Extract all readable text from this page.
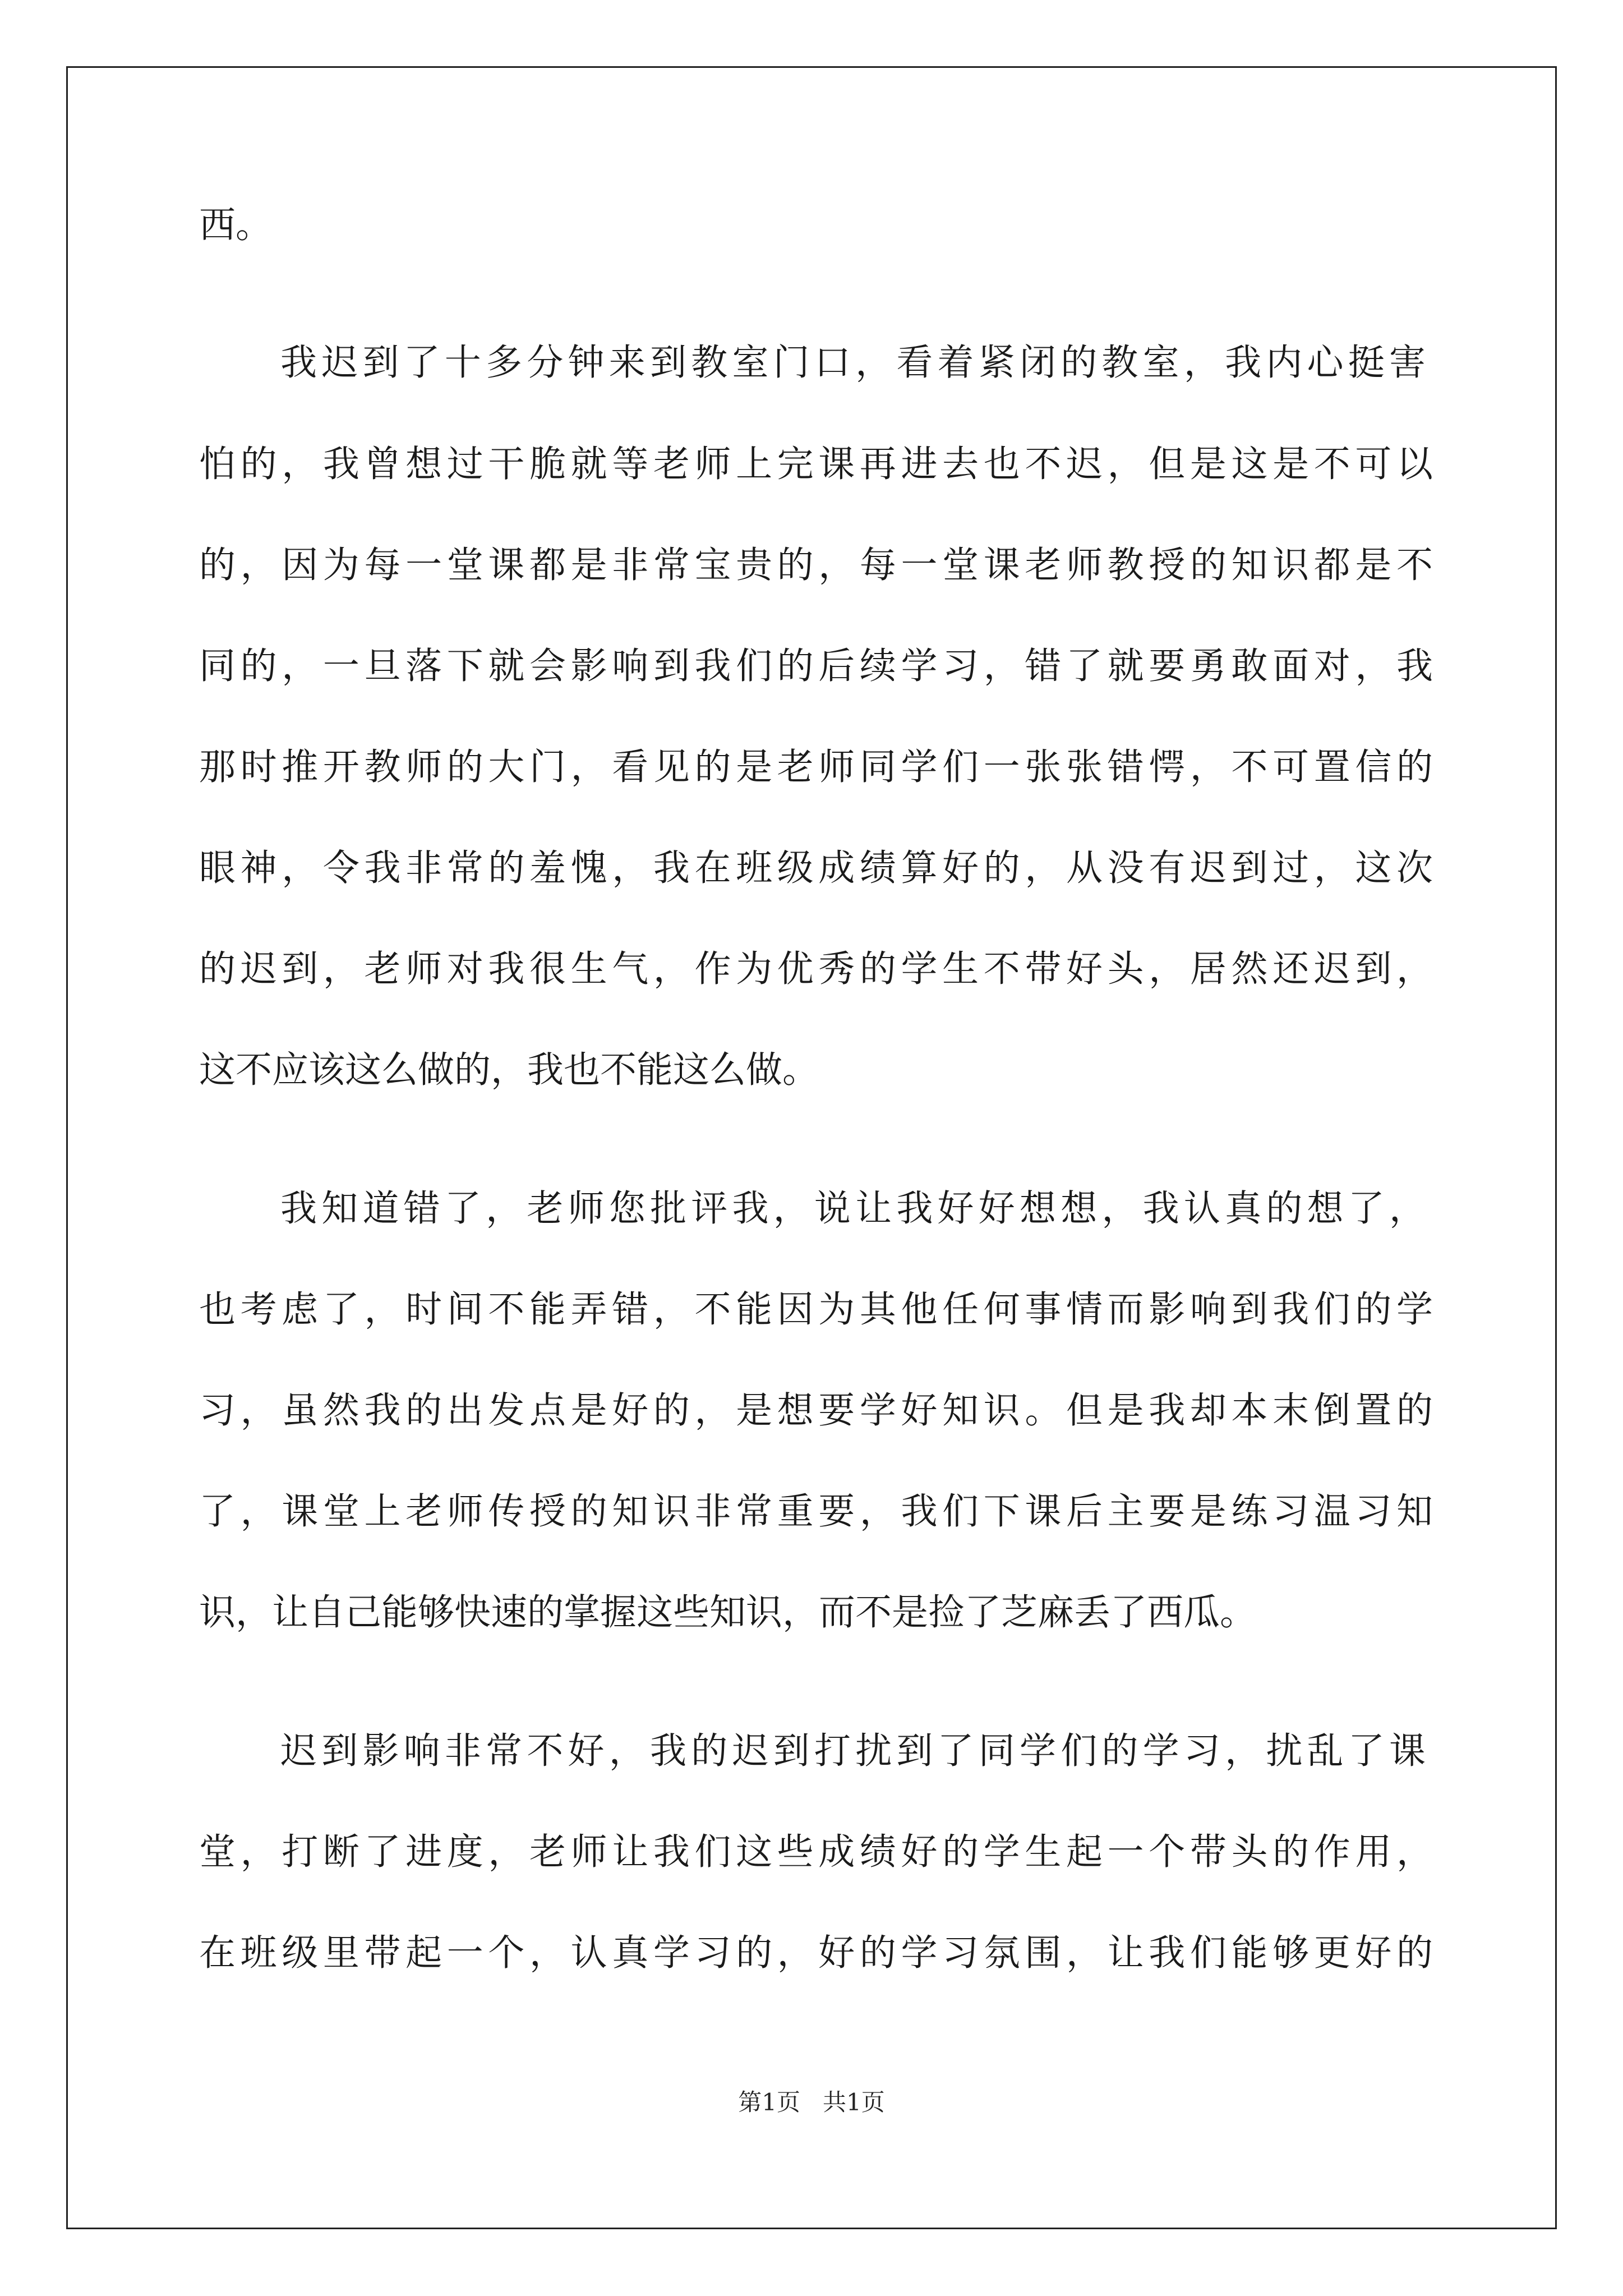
西。
我迟到了十多分钟来到教室门口，看着紧闭的教室，我内心挺害
怕的，我曾想过干脆就等老师上完课再进去也不迟，但是这是不可以
的，因为每一堂课都是非常宝贵的，每一堂课老师教授的知识都是不
同的，一旦落下就会影响到我们的后续学习，错了就要勇敢面对，我
那时推开教师的大门，看见的是老师同学们一张张错愕，不可置信的
眼神，令我非常的羞愧，我在班级成绩算好的，从没有迟到过，这次
的迟到，老师对我很生气，作为优秀的学生不带好头，居然还迟到，
这不应该这么做的，我也不能这么做。
我知道错了，老师您批评我，说让我好好想想，我认真的想了，
也考虑了，时间不能弄错，不能因为其他任何事情而影响到我们的学
习，虽然我的出发点是好的，是想要学好知识。但是我却本末倒置的
了，课堂上老师传授的知识非常重要，我们下课后主要是练习温习知
识，让自己能够快速的掌握这些知识，而不是捡了芝麻丢了西瓜。
迟到影响非常不好，我的迟到打扰到了同学们的学习，扰乱了课
堂，打断了进度，老师让我们这些成绩好的学生起一个带头的作用，
在班级里带起一个，认真学习的，好的学习氛围，让我们能够更好的
第1页   共1页
